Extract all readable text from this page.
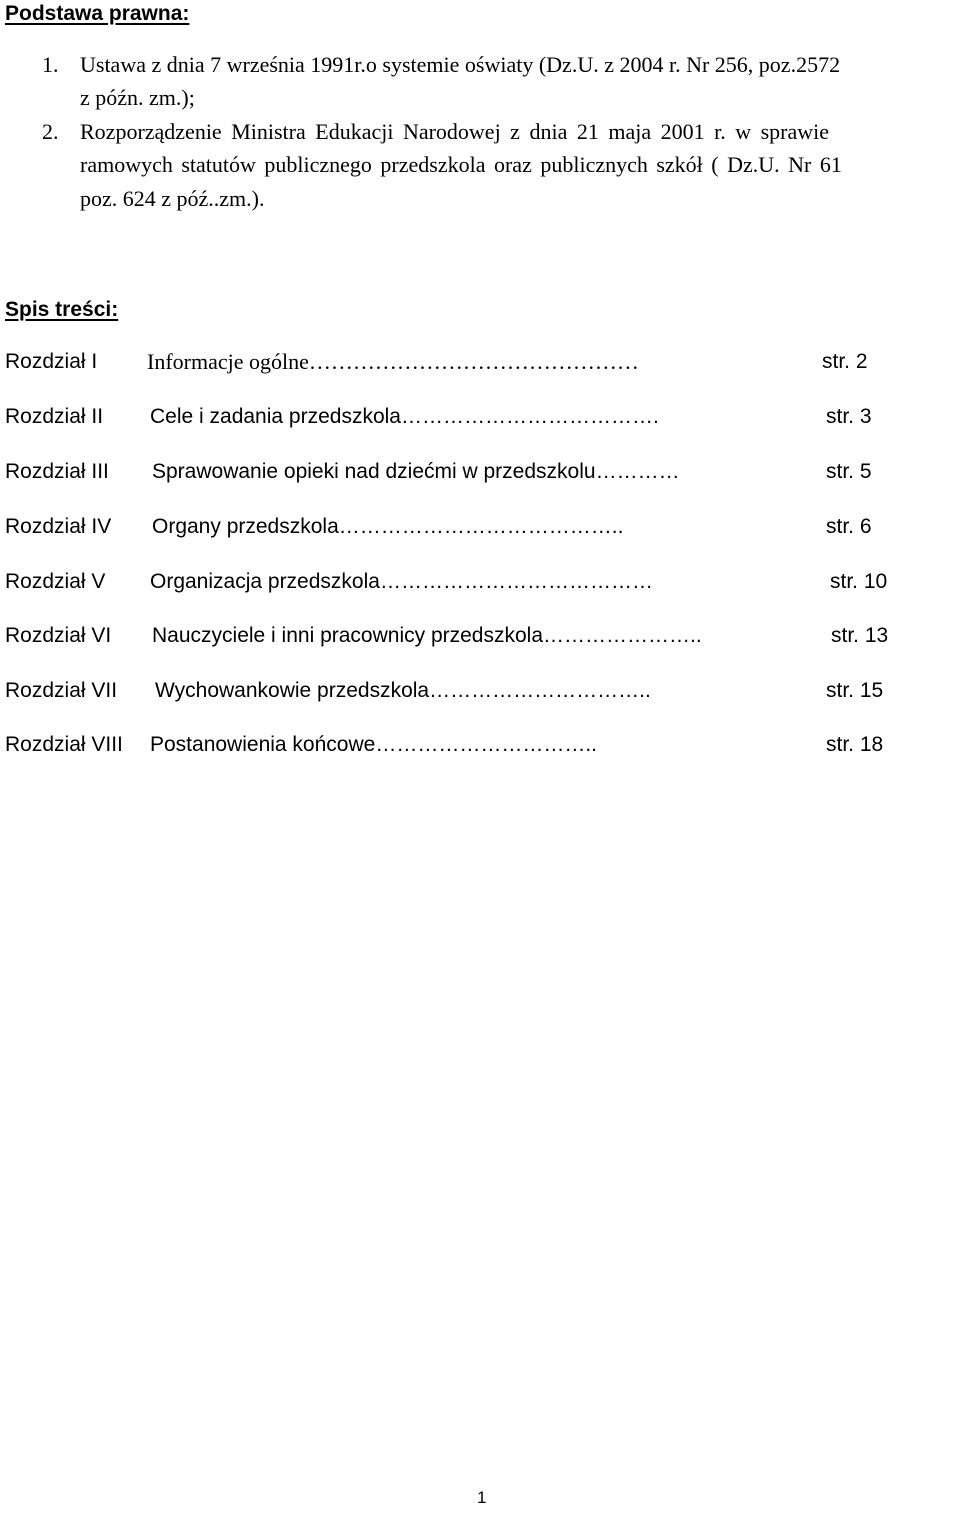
Podstawa prawna:
1. Ustawa z dnia 7 września 1991r.o systemie oświaty (Dz.U. z 2004 r. Nr 256, poz.2572
z późn. zm.);
2. Rozporządzenie Ministra Edukacji Narodowej z dnia 21 maja 2001 r. w sprawie
ramowych statutów publicznego przedszkola oraz publicznych szkół ( Dz.U. Nr 61
poz. 624 z póź..zm.).
Spis treści:
Rozdział I Informacje ogólne………………………………………	str. 2
Rozdział II Cele i zadania przedszkola……………………………….	str. 3
Rozdział III Sprawowanie opieki nad dziećmi w przedszkolu…………	str. 5
Rozdział IV Organy przedszkola…………………………………..	str. 6
Rozdział V Organizacja przedszkola…………………………………	str. 10
Rozdział VI Nauczyciele i inni pracownicy przedszkola…………………..	str. 13
Rozdział VII Wychowankowie przedszkola…………………………..	str. 15
Rozdział VIII Postanowienia końcowe…………………………..	str. 18
1
